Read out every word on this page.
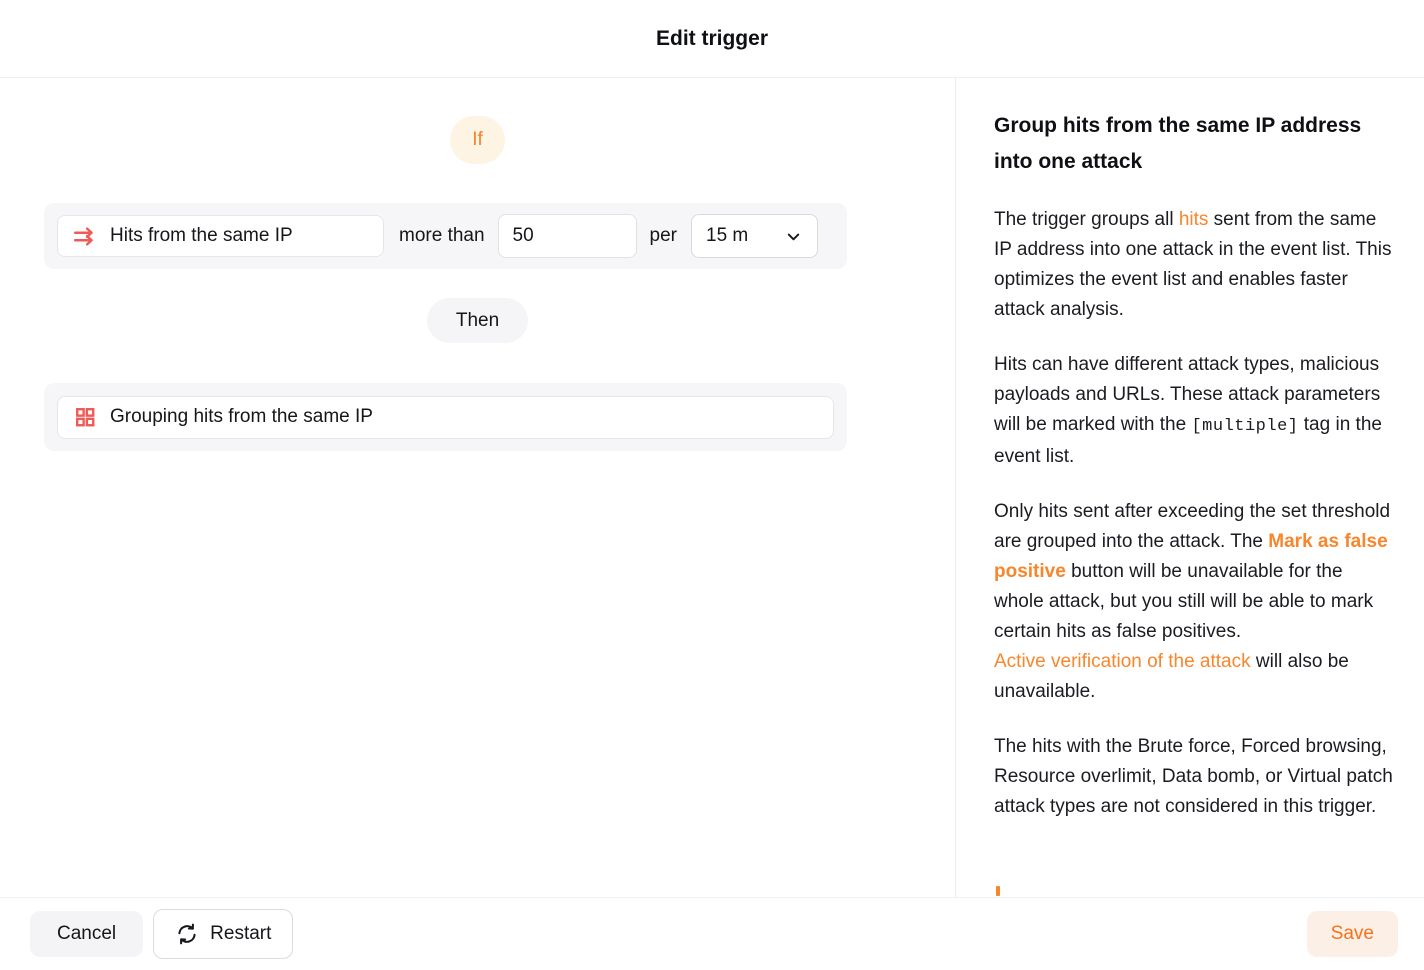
Edit trigger
If
Hits from the same IP	more than
50	per 15 m
Then
Grouping hits from the same IP
Group hits from the same IP address into one attack

The trigger groups all hits sent from the same IP address into one attack in the event list. This optimizes the event list and enables faster attack analysis.

Hits can have different attack types, malicious payloads and URLs. These attack parameters will be marked with the [multiple] tag in the event list.

Only hits sent after exceeding the set threshold are grouped into the attack. The Mark as false positive button will be unavailable for the whole attack, but you still will be able to mark certain hits as false positives.
Active verification of the attack will also be unavailable.

The hits with the Brute force, Forced browsing, Resource overlimit, Data bomb, or Virtual patch attack types are not considered in this trigger.

Cancel	Restart	Save
